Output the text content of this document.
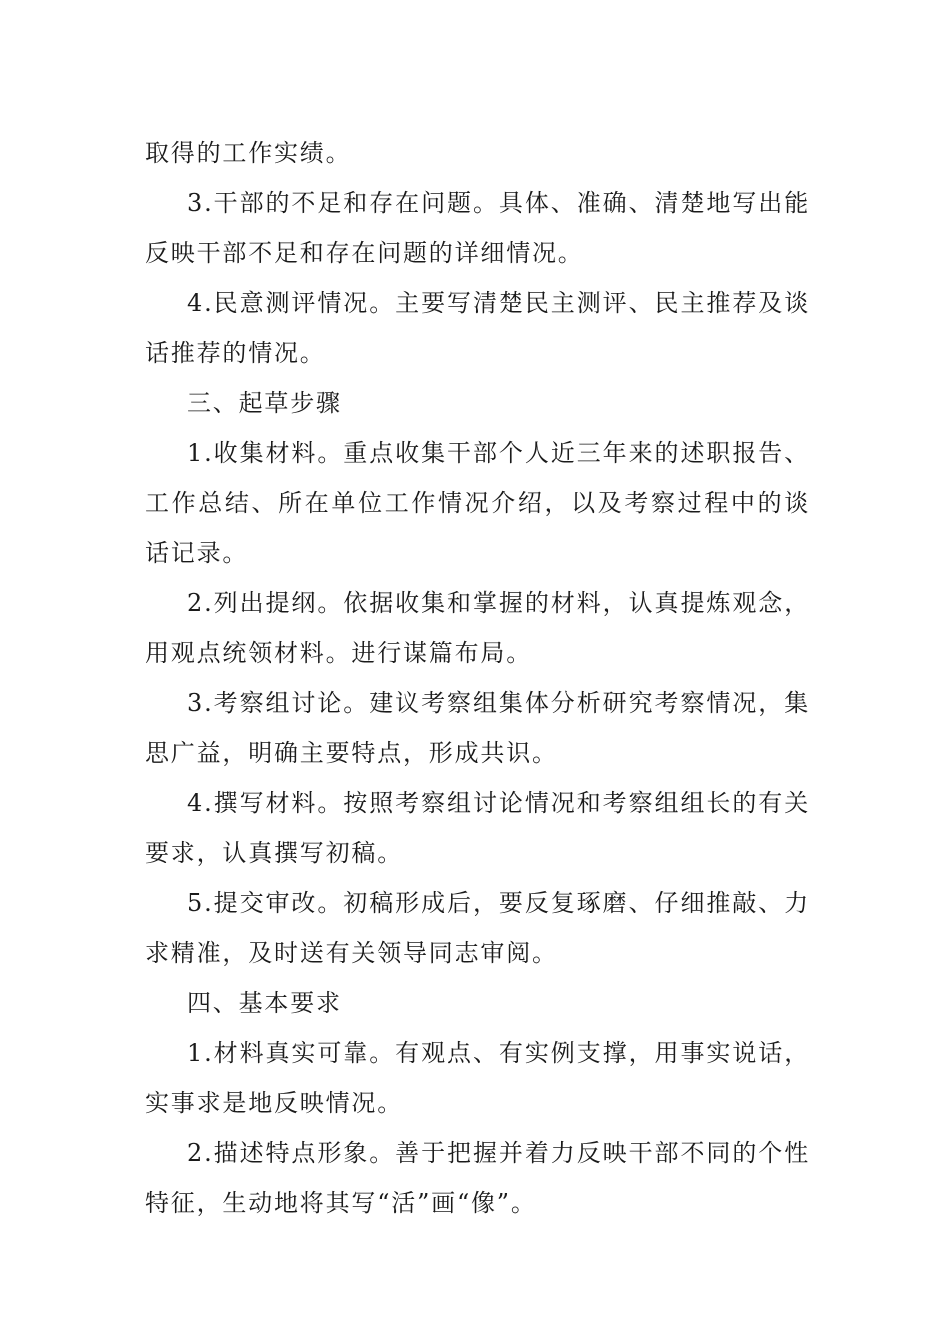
取得的工作实绩。

3.干部的不足和存在问题。具体、准确、清楚地写出能反映干部不足和存在问题的详细情况。

4.民意测评情况。主要写清楚民主测评、民主推荐及谈话推荐的情况。

三、起草步骤

1.收集材料。重点收集干部个人近三年来的述职报告、工作总结、所在单位工作情况介绍，以及考察过程中的谈话记录。

2.列出提纲。依据收集和掌握的材料，认真提炼观念，用观点统领材料。进行谋篇布局。

3.考察组讨论。建议考察组集体分析研究考察情况，集思广益，明确主要特点，形成共识。

4.撰写材料。按照考察组讨论情况和考察组组长的有关要求，认真撰写初稿。

5.提交审改。初稿形成后，要反复琢磨、仔细推敲、力求精准，及时送有关领导同志审阅。

四、基本要求

1.材料真实可靠。有观点、有实例支撑，用事实说话，实事求是地反映情况。

2.描述特点形象。善于把握并着力反映干部不同的个性特征，生动地将其写“活”画“像”。
